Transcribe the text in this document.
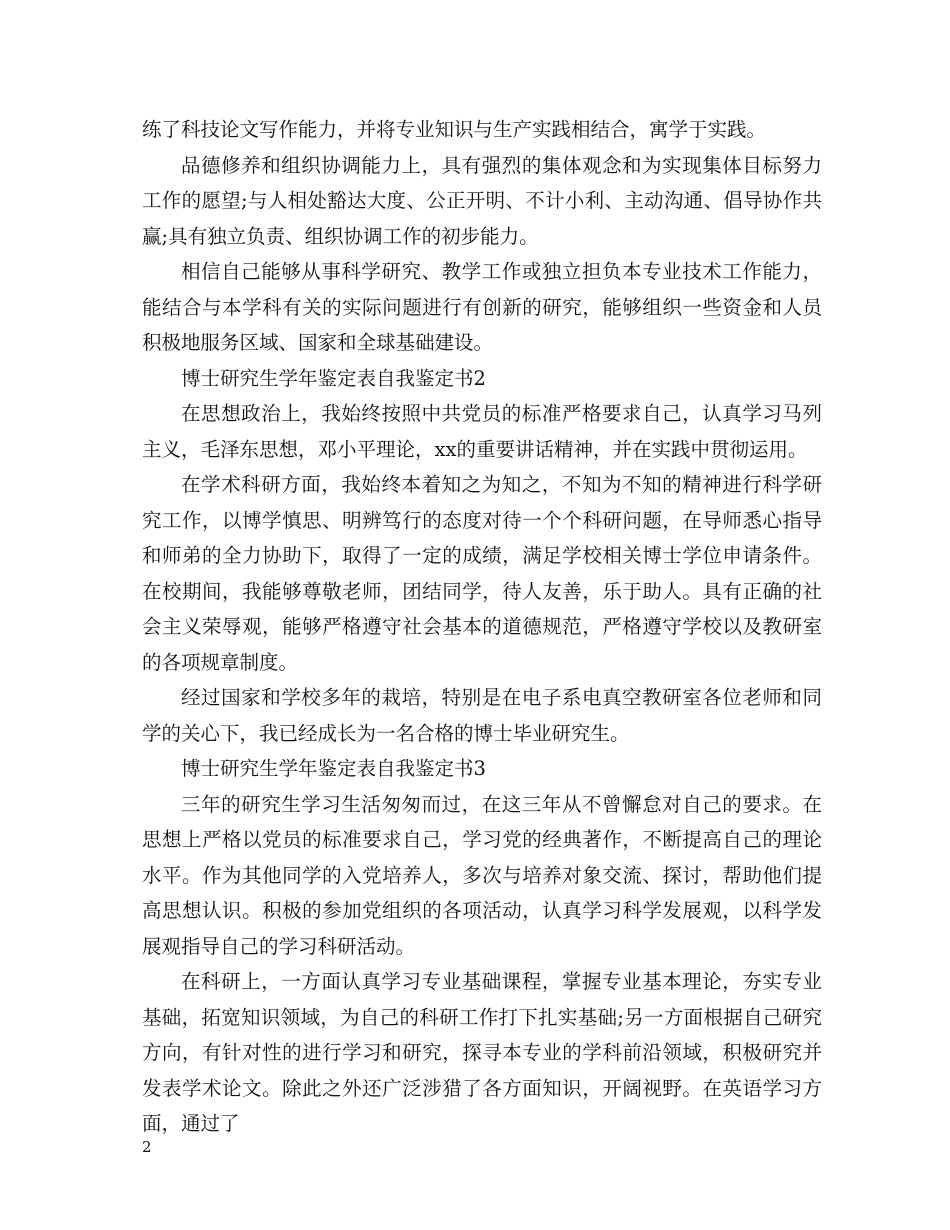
练了科技论文写作能力，并将专业知识与生产实践相结合，寓学于实践。

品德修养和组织协调能力上，具有强烈的集体观念和为实现集体目标努力工作的愿望;与人相处豁达大度、公正开明、不计小利、主动沟通、倡导协作共赢;具有独立负责、组织协调工作的初步能力。

相信自己能够从事科学研究、教学工作或独立担负本专业技术工作能力，能结合与本学科有关的实际问题进行有创新的研究，能够组织一些资金和人员积极地服务区域、国家和全球基础建设。

博士研究生学年鉴定表自我鉴定书2

在思想政治上，我始终按照中共党员的标准严格要求自己，认真学习马列主义，毛泽东思想，邓小平理论，xx的重要讲话精神，并在实践中贯彻运用。

在学术科研方面，我始终本着知之为知之，不知为不知的精神进行科学研究工作，以博学慎思、明辨笃行的态度对待一个个科研问题，在导师悉心指导和师弟的全力协助下，取得了一定的成绩，满足学校相关博士学位申请条件。 在校期间，我能够尊敬老师，团结同学，待人友善，乐于助人。具有正确的社会主义荣辱观，能够严格遵守社会基本的道德规范，严格遵守学校以及教研室的各项规章制度。

经过国家和学校多年的栽培，特别是在电子系电真空教研室各位老师和同学的关心下，我已经成长为一名合格的博士毕业研究生。

博士研究生学年鉴定表自我鉴定书3

三年的研究生学习生活匆匆而过，在这三年从不曾懈怠对自己的要求。在思想上严格以党员的标准要求自己，学习党的经典著作，不断提高自己的理论水平。作为其他同学的入党培养人，多次与培养对象交流、探讨，帮助他们提高思想认识。积极的参加党组织的各项活动，认真学习科学发展观，以科学发展观指导自己的学习科研活动。

在科研上，一方面认真学习专业基础课程，掌握专业基本理论，夯实专业基础，拓宽知识领域，为自己的科研工作打下扎实基础;另一方面根据自己研究方向，有针对性的进行学习和研究，探寻本专业的学科前沿领域，积极研究并发表学术论文。除此之外还广泛涉猎了各方面知识，开阔视野。在英语学习方面，通过了

2
